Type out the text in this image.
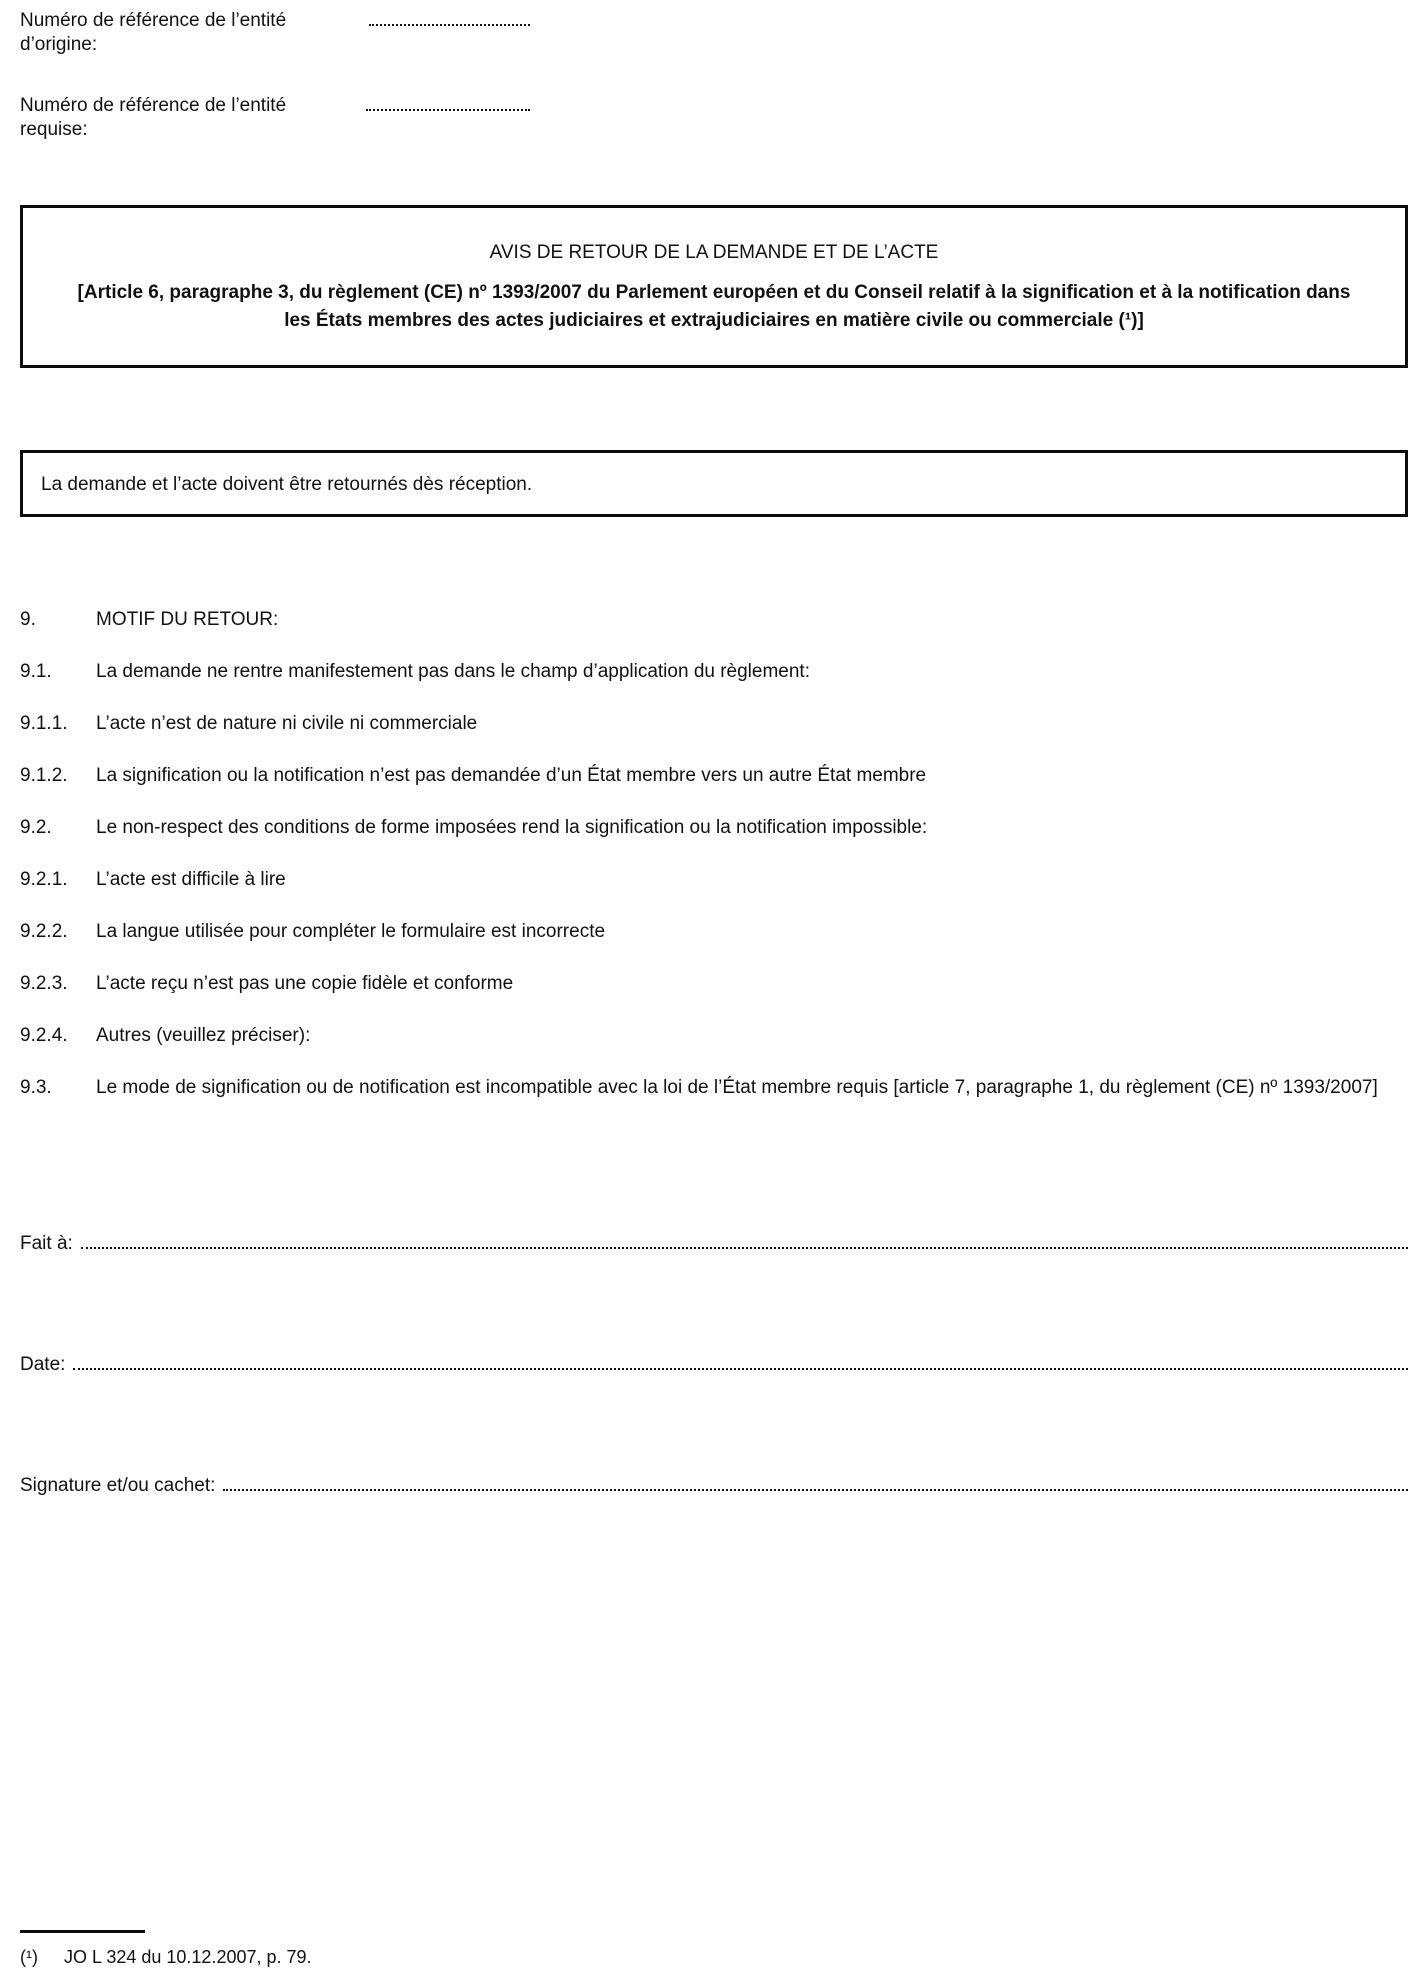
Numéro de référence de l’entité d’origine:
Numéro de référence de l’entité requise:
AVIS DE RETOUR DE LA DEMANDE ET DE L’ACTE
[Article 6, paragraphe 3, du règlement (CE) nº 1393/2007 du Parlement européen et du Conseil relatif à la signification et à la notification dans les États membres des actes judiciaires et extrajudiciaires en matière civile ou commerciale (¹)]
La demande et l’acte doivent être retournés dès réception.
9.	MOTIF DU RETOUR:
9.1.	La demande ne rentre manifestement pas dans le champ d’application du règlement:
9.1.1.	L’acte n’est de nature ni civile ni commerciale
9.1.2.	La signification ou la notification n’est pas demandée d’un État membre vers un autre État membre
9.2.	Le non-respect des conditions de forme imposées rend la signification ou la notification impossible:
9.2.1.	L’acte est difficile à lire
9.2.2.	La langue utilisée pour compléter le formulaire est incorrecte
9.2.3.	L’acte reçu n’est pas une copie fidèle et conforme
9.2.4.	Autres (veuillez préciser):
9.3.	Le mode de signification ou de notification est incompatible avec la loi de l’État membre requis [article 7, paragraphe 1, du règlement (CE) nº 1393/2007]
Fait à:
Date:
Signature et/ou cachet:
(¹)	JO L 324 du 10.12.2007, p. 79.
